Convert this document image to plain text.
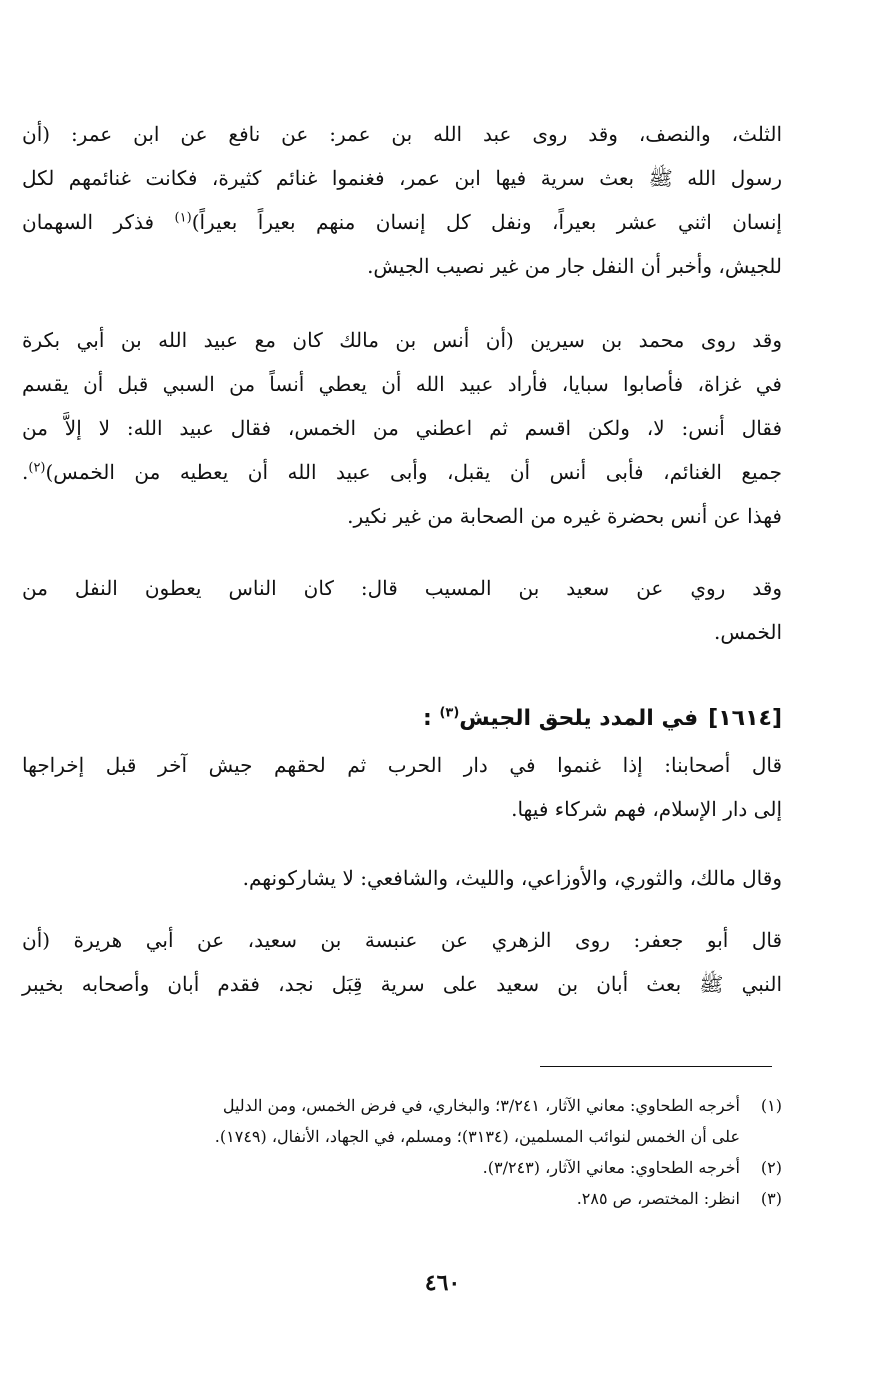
الثلث، والنصف، وقد روى عبد الله بن عمر: عن نافع عن ابن عمر: (أن
رسول الله ﷺ بعث سرية فيها ابن عمر، فغنموا غنائم كثيرة، فكانت غنائمهم لكل
إنسان اثني عشر بعيراً، ونفل كل إنسان منهم بعيراً بعيراً)$^{(١)}$ فذكر السهمان
للجيش، وأخبر أن النفل جار من غير نصيب الجيش.
وقد روى محمد بن سيرين (أن أنس بن مالك كان مع عبيد الله بن أبي بكرة
في غزاة، فأصابوا سبايا، فأراد عبيد الله أن يعطي أنساً من السبي قبل أن يقسم
فقال أنس: لا، ولكن اقسم ثم اعطني من الخمس، فقال عبيد الله: لا إلاَّ من
جميع الغنائم، فأبى أنس أن يقبل، وأبى عبيد الله أن يعطيه من الخمس)$^{(٢)}$.
فهذا عن أنس بحضرة غيره من الصحابة من غير نكير.
وقد روي عن سعيد بن المسيب قال: كان الناس يعطون النفل من
الخمس.
[١٦١٤]في المدد يلحق الجيش$^{(٣)}$ :
قال أصحابنا: إذا غنموا في دار الحرب ثم لحقهم جيش آخر قبل إخراجها
إلى دار الإسلام، فهم شركاء فيها.
وقال مالك، والثوري، والأوزاعي، والليث، والشافعي: لا يشاركونهم.
قال أبو جعفر: روى الزهري عن عنبسة بن سعيد، عن أبي هريرة (أن
النبي ﷺ بعث أبان بن سعيد على سرية قِبَل نجد، فقدم أبان وأصحابه بخيبر
(١)
أخرجه الطحاوي: معاني الآثار، ٣/٢٤١؛ والبخاري، في فرض الخمس، ومن الدليل
على أن الخمس لنوائب المسلمين، (٣١٣٤)؛ ومسلم، في الجهاد، الأنفال، (١٧٤٩).
(٢)
أخرجه الطحاوي: معاني الآثار، (٣/٢٤٣).
(٣)
انظر: المختصر، ص ٢٨٥.
٤٦٠
